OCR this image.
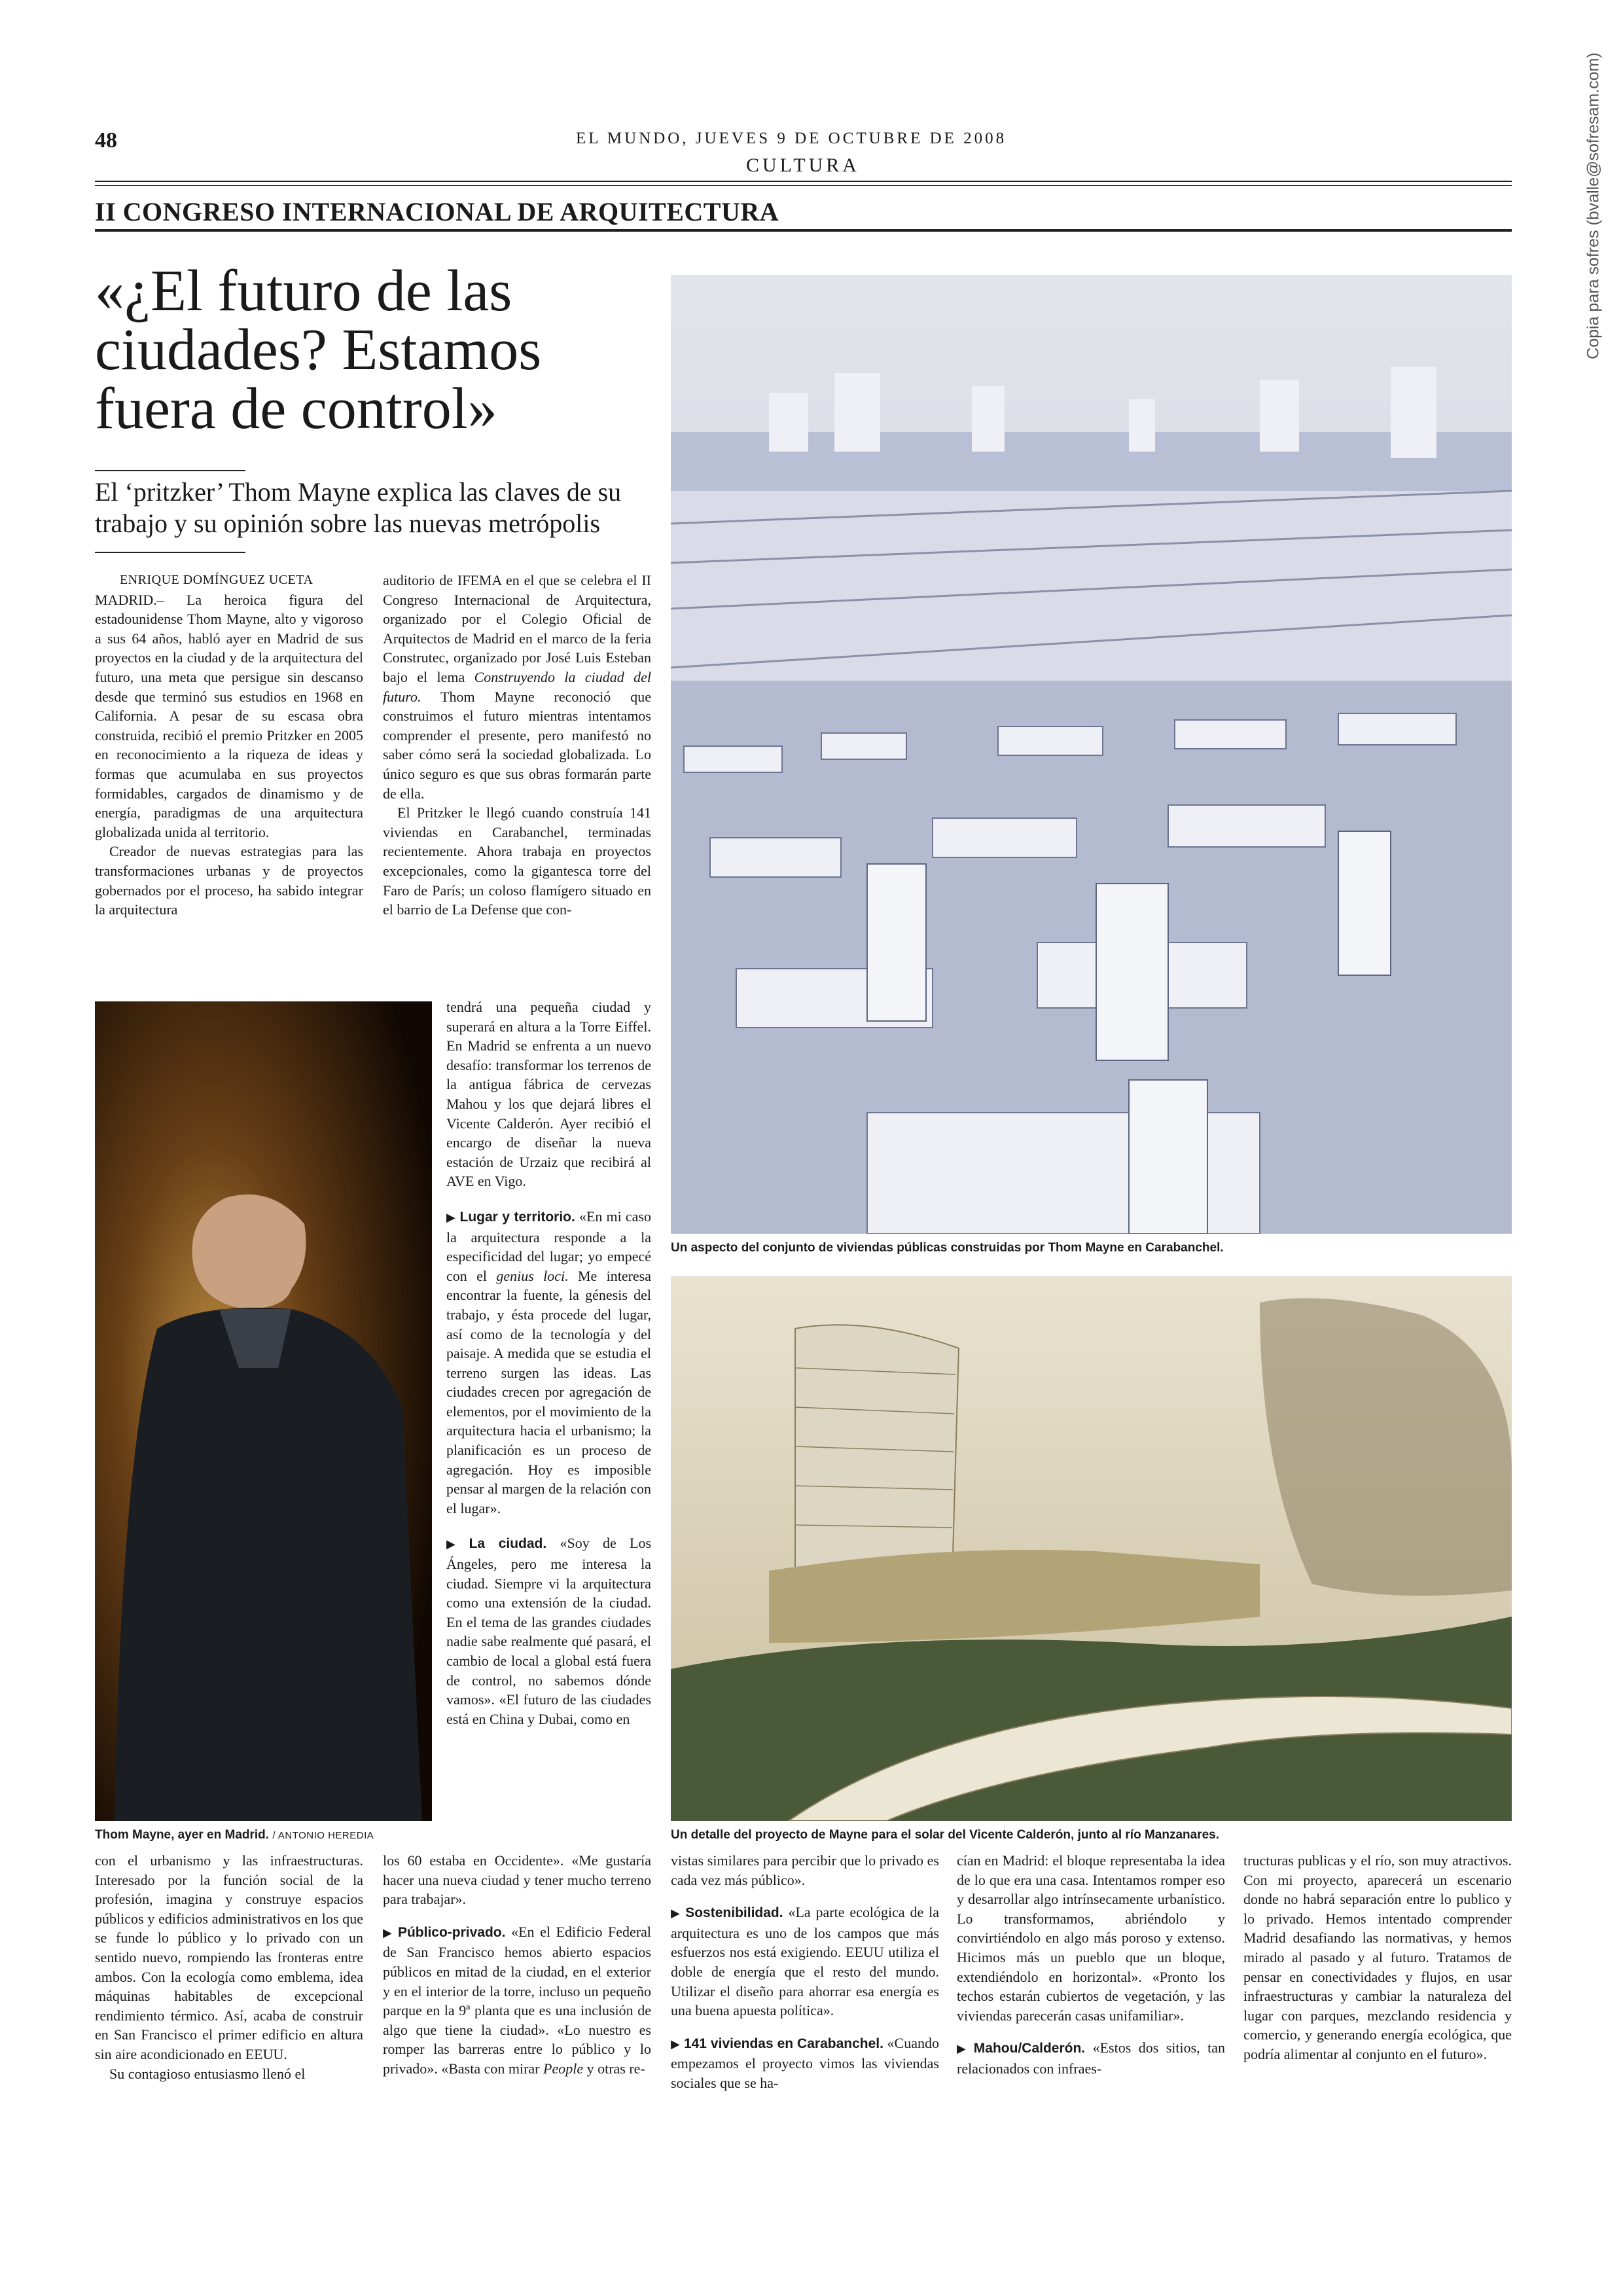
Copia para sofres (bvalle@sofresam.com)
48	EL MUNDO, JUEVES 9 DE OCTUBRE DE 2008
CULTURA
II CONGRESO INTERNACIONAL DE ARQUITECTURA
«¿El futuro de las
ciudades? Estamos
fuera de control»
El ‘pritzker’ Thom Mayne explica las claves de su trabajo y su opinión sobre las nuevas metrópolis

ENRIQUE DOMÍNGUEZ UCETA

MADRID.– La heroica figura del estadounidense Thom Mayne, alto y vigoroso a sus 64 años, habló ayer en Madrid de sus proyectos en la ciudad y de la arquitectura del futuro, una meta que persigue sin descanso desde que terminó sus estudios en 1968 en California. A pesar de su escasa obra construida, recibió el premio Pritzker en 2005 en reconocimiento a la riqueza de ideas y formas que acumulaba en sus proyectos formidables, cargados de dinamismo y de energía, paradigmas de una arquitectura globalizada unida al territorio.

Creador de nuevas estrategias para las transformaciones urbanas y de proyectos gobernados por el proceso, ha sabido integrar la arquitectura

auditorio de IFEMA en el que se celebra el II Congreso Internacional de Arquitectura, organizado por el Colegio Oficial de Arquitectos de Madrid en el marco de la feria Construtec, organizado por José Luis Esteban bajo el lema Construyendo la ciudad del futuro. Thom Mayne reconoció que construimos el futuro mientras intentamos comprender el presente, pero manifestó no saber cómo será la sociedad globalizada. Lo único seguro es que sus obras formarán parte de ella.

El Pritzker le llegó cuando construía 141 viviendas en Carabanchel, terminadas recientemente. Ahora trabaja en proyectos excepcionales, como la gigantesca torre del Faro de París; un coloso flamígero situado en el barrio de La Defense que con-

tendrá una pequeña ciudad y superará en altura a la Torre Eiffel. En Madrid se enfrenta a un nuevo desafío: transformar los terrenos de la antigua fábrica de cervezas Mahou y los que dejará libres el Vicente Calderón. Ayer recibió el encargo de diseñar la nueva estación de Urzaiz que recibirá al AVE en Vigo.

▶ Lugar y territorio. «En mi caso la arquitectura responde a la especificidad del lugar; yo empecé con el genius loci. Me interesa encontrar la fuente, la génesis del trabajo, y ésta procede del lugar, así como de la tecnología y del paisaje. A medida que se estudia el terreno surgen las ideas. Las ciudades crecen por agregación de elementos, por el movimiento de la arquitectura hacia el urbanismo; la planificación es un proceso de agregación. Hoy es imposible pensar al margen de la relación con el lugar».

▶ La ciudad. «Soy de Los Ángeles, pero me interesa la ciudad. Siempre vi la arquitectura como una extensión de la ciudad. En el tema de las grandes ciudades nadie sabe realmente qué pasará, el cambio de local a global está fuera de control, no sabemos dónde vamos». «El futuro de las ciudades está en China y Dubai, como en

Thom Mayne, ayer en Madrid. / ANTONIO HEREDIA
Un aspecto del conjunto de viviendas públicas construidas por Thom Mayne en Carabanchel.
Un detalle del proyecto de Mayne para el solar del Vicente Calderón, junto al río Manzanares.

con el urbanismo y las infraestructuras. Interesado por la función social de la profesión, imagina y construye espacios públicos y edificios administrativos en los que se funde lo público y lo privado con un sentido nuevo, rompiendo las fronteras entre ambos. Con la ecología como emblema, idea máquinas habitables de excepcional rendimiento térmico. Así, acaba de construir en San Francisco el primer edificio en altura sin aire acondicionado en EEUU.

Su contagioso entusiasmo llenó el

los 60 estaba en Occidente». «Me gustaría hacer una nueva ciudad y tener mucho terreno para trabajar».

▶ Público-privado. «En el Edificio Federal de San Francisco hemos abierto espacios públicos en mitad de la ciudad, en el exterior y en el interior de la torre, incluso un pequeño parque en la 9ª planta que es una inclusión de algo que tiene la ciudad». «Lo nuestro es romper las barreras entre lo público y lo privado». «Basta con mirar People y otras re-

vistas similares para percibir que lo privado es cada vez más público».

▶ Sostenibilidad. «La parte ecológica de la arquitectura es uno de los campos que más esfuerzos nos está exigiendo. EEUU utiliza el doble de energía que el resto del mundo. Utilizar el diseño para ahorrar esa energía es una buena apuesta política».

▶ 141 viviendas en Carabanchel. «Cuando empezamos el proyecto vimos las viviendas sociales que se ha-

cían en Madrid: el bloque representaba la idea de lo que era una casa. Intentamos romper eso y desarrollar algo intrínsecamente urbanístico. Lo transformamos, abriéndolo y convirtiéndolo en algo más poroso y extenso. Hicimos más un pueblo que un bloque, extendiéndolo en horizontal». «Pronto los techos estarán cubiertos de vegetación, y las viviendas parecerán casas unifamiliar».

▶ Mahou/Calderón. «Estos dos sitios, tan relacionados con infraes-

tructuras publicas y el río, son muy atractivos. Con mi proyecto, aparecerá un escenario donde no habrá separación entre lo publico y lo privado. Hemos intentado comprender Madrid desafiando las normativas, y hemos mirado al pasado y al futuro. Tratamos de pensar en conectividades y flujos, en usar infraestructuras y cambiar la naturaleza del lugar con parques, mezclando residencia y comercio, y generando energía ecológica, que podría alimentar al conjunto en el futuro».
